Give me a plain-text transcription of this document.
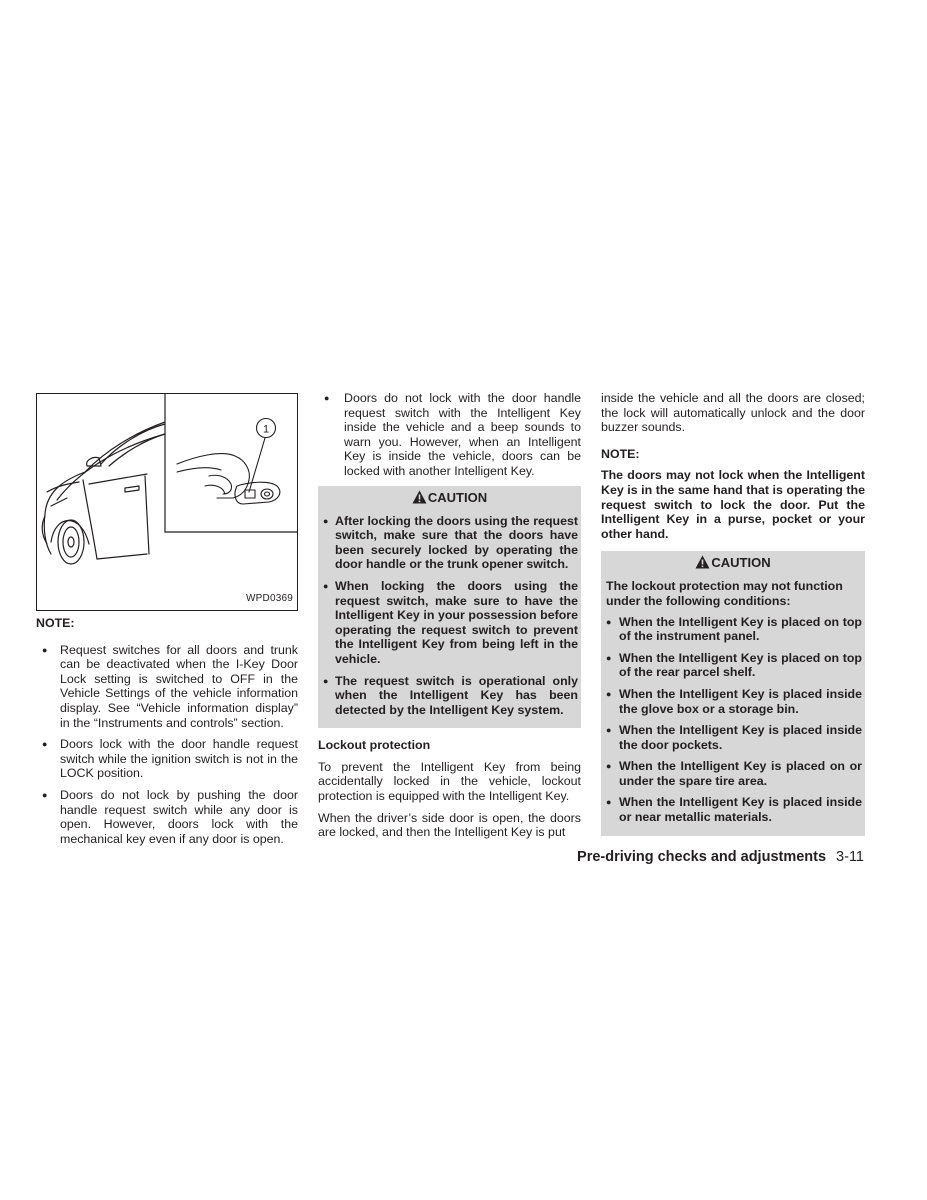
1
WPD0369
NOTE:
● Request switches for all doors and trunk can be deactivated when the I-Key Door Lock setting is switched to OFF in the Vehicle Settings of the vehicle information display. See “Vehicle information display” in the “Instruments and controls” section.
● Doors lock with the door handle request switch while the ignition switch is not in the LOCK position.
● Doors do not lock by pushing the door handle request switch while any door is open. However, doors lock with the mechanical key even if any door is open.
● Doors do not lock with the door handle request switch with the Intelligent Key inside the vehicle and a beep sounds to warn you. However, when an Intelligent Key is inside the vehicle, doors can be locked with another Intelligent Key.
CAUTION
● After locking the doors using the request switch, make sure that the doors have been securely locked by operating the door handle or the trunk opener switch.
● When locking the doors using the request switch, make sure to have the Intelligent Key in your possession before operating the request switch to prevent the Intelligent Key from being left in the vehicle.
● The request switch is operational only when the Intelligent Key has been detected by the Intelligent Key system.
Lockout protection

To prevent the Intelligent Key from being accidentally locked in the vehicle, lockout protection is equipped with the Intelligent Key.

When the driver’s side door is open, the doors are locked, and then the Intelligent Key is put

inside the vehicle and all the doors are closed; the lock will automatically unlock and the door buzzer sounds.

NOTE:

The doors may not lock when the Intelligent Key is in the same hand that is operating the request switch to lock the door. Put the Intelligent Key in a purse, pocket or your other hand.

CAUTION
The lockout protection may not function under the following conditions:
● When the Intelligent Key is placed on top of the instrument panel.
● When the Intelligent Key is placed on top of the rear parcel shelf.
● When the Intelligent Key is placed inside the glove box or a storage bin.
● When the Intelligent Key is placed inside the door pockets.
● When the Intelligent Key is placed on or under the spare tire area.
● When the Intelligent Key is placed inside or near metallic materials.
Pre-driving checks and adjustments 3-11
